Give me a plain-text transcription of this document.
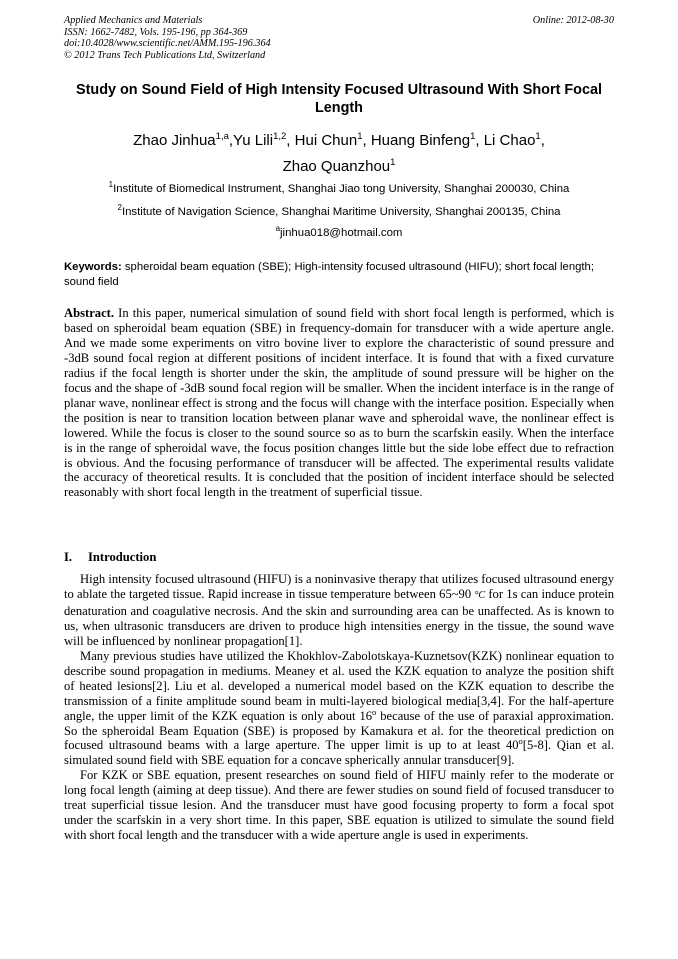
Applied Mechanics and Materials
ISSN: 1662-7482, Vols. 195-196, pp 364-369
doi:10.4028/www.scientific.net/AMM.195-196.364
© 2012 Trans Tech Publications Ltd, Switzerland
Online: 2012-08-30
Study on Sound Field of High Intensity Focused Ultrasound With Short Focal Length
Zhao Jinhua$^{1,a}$,Yu Lili$^{1,2}$, Hui Chun$^1$, Huang Binfeng$^1$, Li Chao$^1$,
Zhao Quanzhou$^1$
$^1$Institute of Biomedical Instrument, Shanghai Jiao tong University, Shanghai 200030, China
$^2$Institute of Navigation Science, Shanghai Maritime University, Shanghai 200135, China
$^a$jinhua018@hotmail.com
Keywords: spheroidal beam equation (SBE); High-intensity focused ultrasound (HIFU); short focal length; sound field
Abstract. In this paper, numerical simulation of sound field with short focal length is performed, which is based on spheroidal beam equation (SBE) in frequency-domain for transducer with a wide aperture angle. And we made some experiments on vitro bovine liver to explore the characteristic of sound pressure and -3dB sound focal region at different positions of incident interface. It is found that with a fixed curvature radius if the focal length is shorter under the skin, the amplitude of sound pressure will be higher on the focus and the shape of -3dB sound focal region will be smaller. When the incident interface is in the range of planar wave, nonlinear effect is strong and the focus will change with the interface position. Especially when the position is near to transition location between planar wave and spheroidal wave, the nonlinear effect is lowered. While the focus is closer to the sound source so as to burn the scarfskin easily. When the interface is in the range of spheroidal wave, the focus position changes little but the side lobe effect due to refraction is obvious. And the focusing performance of transducer will be affected. The experimental results validate the accuracy of theoretical results. It is concluded that the position of incident interface should be selected reasonably with short focal length in the treatment of superficial tissue.
I. Introduction

High intensity focused ultrasound (HIFU) is a noninvasive therapy that utilizes focused ultrasound energy to ablate the targeted tissue. Rapid increase in tissue temperature between 65~90 °C for 1s can induce protein denaturation and coagulative necrosis. And the skin and surrounding area can be unaffected. As is known to us, when ultrasonic transducers are driven to produce high intensities energy in the tissue, the sound wave will be influenced by nonlinear propagation[1].

Many previous studies have utilized the Khokhlov-Zabolotskaya-Kuznetsov(KZK) nonlinear equation to describe sound propagation in mediums. Meaney et al. used the KZK equation to analyze the position shift of heated lesions[2]. Liu et al. developed a numerical model based on the KZK equation to describe the transmission of a finite amplitude sound beam in multi-layered biological media[3,4]. For the half-aperture angle, the upper limit of the KZK equation is only about 16$^o$ because of the use of paraxial approximation. So the spheroidal Beam Equation (SBE) is proposed by Kamakura et al. for the theoretical prediction on focused ultrasound beams with a large aperture. The upper limit is up to at least 40$^o$[5-8]. Qian et al. simulated sound field with SBE equation for a concave spherically annular transducer[9].

For KZK or SBE equation, present researches on sound field of HIFU mainly refer to the moderate or long focal length (aiming at deep tissue). And there are fewer studies on sound field of focused transducer to treat superficial tissue lesion. And the transducer must have good focusing property to form a focal spot under the scarfskin in a very short time. In this paper, SBE equation is utilized to simulate the sound field with short focal length and the transducer with a wide aperture angle is used in experiments.
